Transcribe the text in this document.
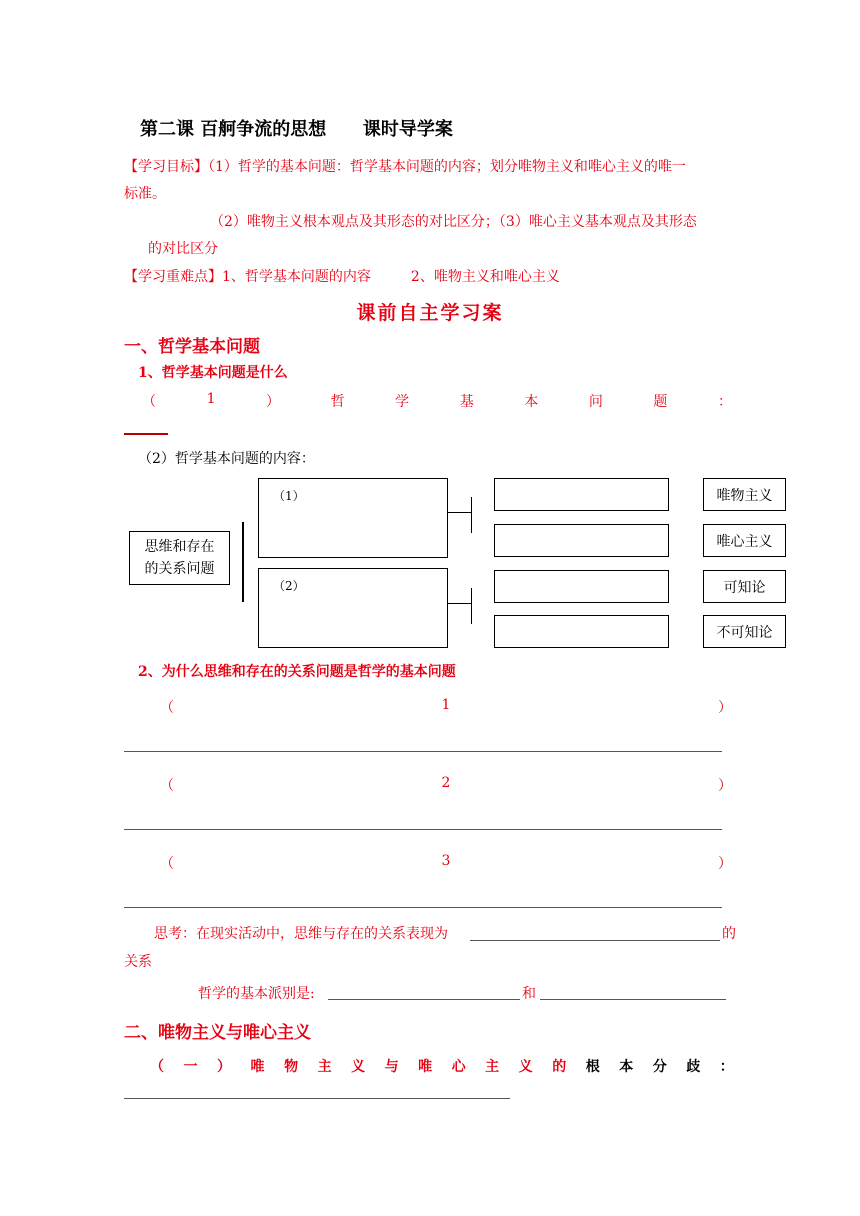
第二课 百舸争流的思想 课时导学案
【学习目标】（1）哲学的基本问题：哲学基本问题的内容；划分唯物主义和唯心主义的唯一
标准。
（2）唯物主义根本观点及其形态的对比区分；（3）唯心主义基本观点及其形态
的对比区分
【学习重难点】1、哲学基本问题的内容	2、唯物主义和唯心主义
课前自主学习案
一、哲学基本问题
1、哲学基本问题是什么
（	1	）	哲	学	基	本	问	题	：
（2）哲学基本问题的内容：
思维和存在
的关系问题
（1）
（2）
唯物主义
唯心主义
可知论
不可知论
2、为什么思维和存在的关系问题是哲学的基本问题
（	1	）
（	2	）
（	3	）
思考：在现实活动中，思维与存在的关系表现为	的
关系
哲学的基本派别是:	和
二、唯物主义与唯心主义
（ 一 ） 唯 物 主 义 与 唯 心 主 义 的 根 本 分 歧 ：
